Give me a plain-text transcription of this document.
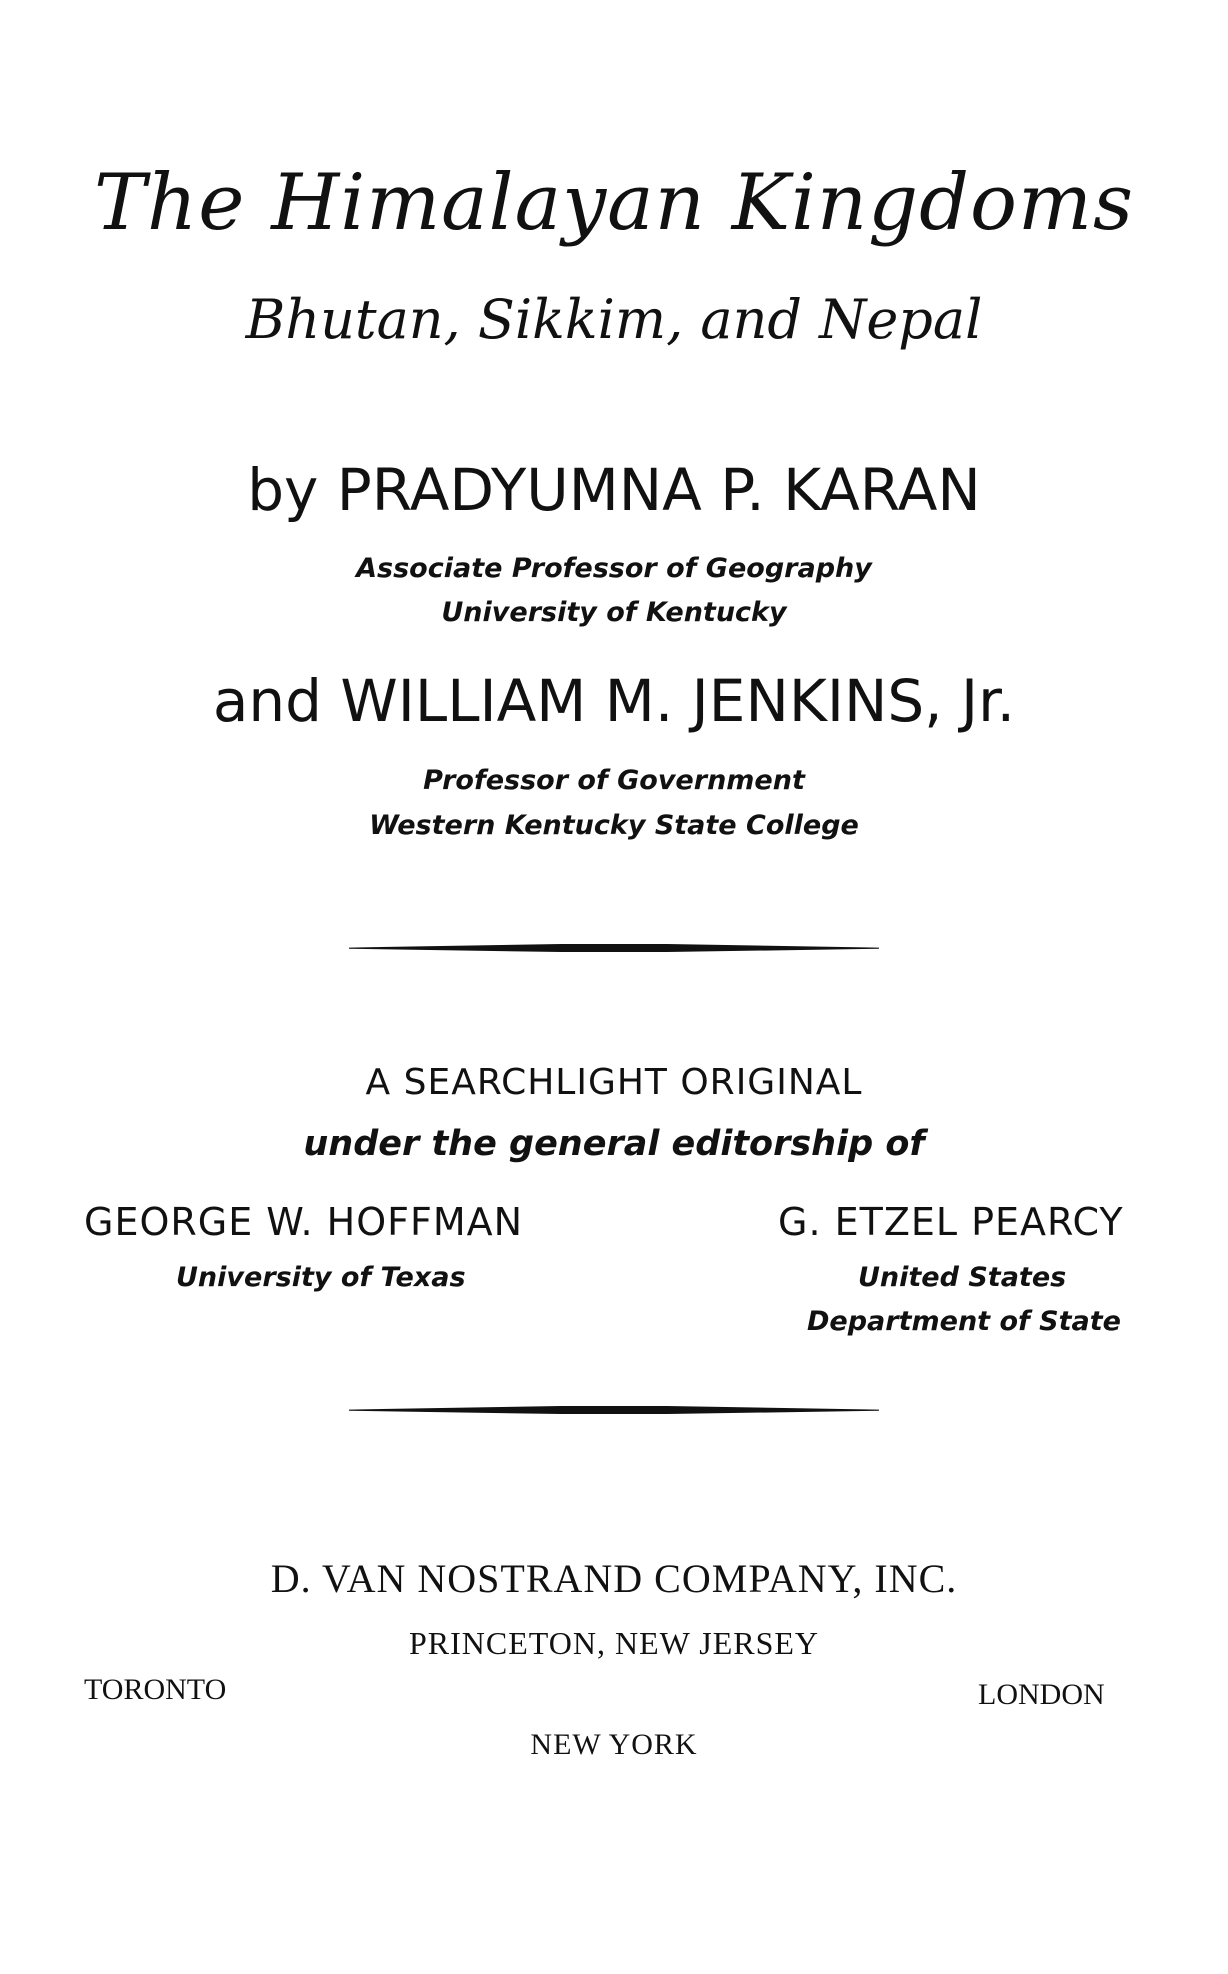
The Himalayan Kingdoms
Bhutan, Sikkim, and Nepal
by PRADYUMNA P. KARAN
Associate Professor of Geography
University of Kentucky
and WILLIAM M. JENKINS, Jr.
Professor of Government
Western Kentucky State College
A SEARCHLIGHT ORIGINAL
under the general editorship of
GEORGE W. HOFFMAN
University of Texas
G. ETZEL PEARCY
United States
Department of State
D. VAN NOSTRAND COMPANY, INC.
PRINCETON, NEW JERSEY
TORONTO	LONDON
NEW YORK
